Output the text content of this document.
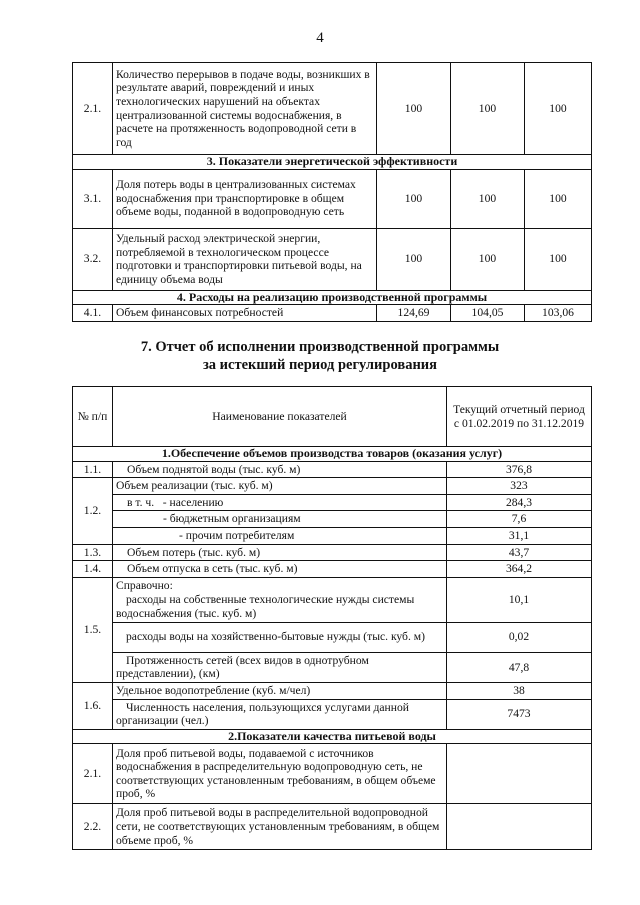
4
2.1.	Количество перерывов в подаче воды, возникших в результате аварий, повреждений и иных технологических нарушений на объектах централизованной системы водоснабжения, в расчете на протяженность водопроводной сети в год	100	100	100
3. Показатели энергетической эффективности				
3.1.	Доля потерь воды в централизованных системах водоснабжения при транспортировке в общем объеме воды, поданной в водопроводную сеть	100	100	100
3.2.	Удельный расход электрической энергии, потребляемой в технологическом процессе подготовки и транспортировки питьевой воды, на единицу объема воды	100	100	100
4. Расходы на реализацию производственной программы				
4.1.	Объем финансовых потребностей	124,69	104,05	103,06
7. Отчет об исполнении производственной программы
за истекший период регулирования
№ п/п	Наименование показателей	Текущий отчетный период с 01.02.2019 по 31.12.2019
1.Обеспечение объемов производства товаров (оказания услуг)		
1.1.	Объем поднятой воды (тыс. куб. м)	376,8
1.2.	Объем реализации (тыс. куб. м)	323
	в т. ч. - населению	284,3
	- бюджетным организациям	7,6
	- прочим потребителям	31,1
1.3.	Объем потерь (тыс. куб. м)	43,7
1.4.	Объем отпуска в сеть (тыс. куб. м)	364,2
1.5.	Справочно:
расходы на собственные технологические нужды системы водоснабжения (тыс. куб. м)	10,1
	расходы воды на хозяйственно-бытовые нужды (тыс. куб. м)	0,02
	Протяженность сетей (всех видов в однотрубном представлении), (км)	47,8
1.6.	Удельное водопотребление (куб. м/чел)	38
	Численность населения, пользующихся услугами данной организации (чел.)	7473
2.Показатели качества питьевой воды		
2.1.	Доля проб питьевой воды, подаваемой с источников водоснабжения в распределительную водопроводную сеть, не соответствующих установленным требованиям, в общем объеме проб, %	
2.2.	Доля проб питьевой воды в распределительной водопроводной сети, не соответствующих установленным требованиям, в общем объеме проб, %	
